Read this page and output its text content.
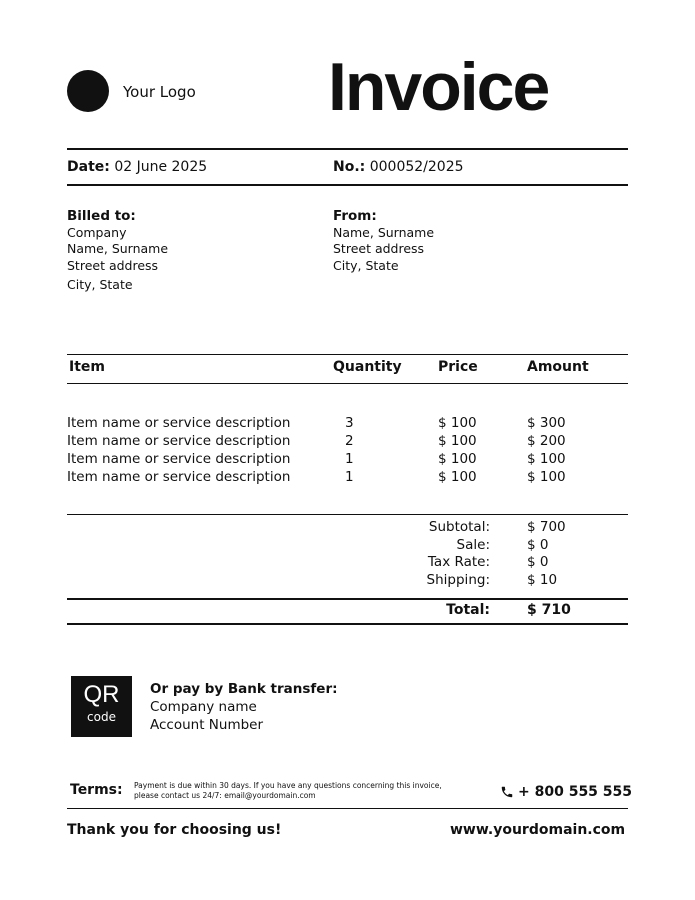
Your Logo Invoice
Date: 02 June 2025	No.: 000052/2025
Billed to:
Company
Name, Surname
Street address
City, State
From:
Name, Surname
Street address
City, State
Item	Quantity	Price	Amount
Item name or service description	3	$ 100	$ 300
Item name or service description	2	$ 100	$ 200
Item name or service description	1	$ 100	$ 100
Item name or service description	1	$ 100	$ 100
Subtotal:	$ 700
Sale:	$ 0
Tax Rate:	$ 0
Shipping:	$ 10
Total:	$ 710
QR
code
Or pay by Bank transfer:
Company name
Account Number
Terms: Payment is due within 30 days. If you have any questions concerning this invoice,
please contact us 24/7: email@yourdomain.com	+ 800 555 555
Thank you for choosing us!	www.yourdomain.com
